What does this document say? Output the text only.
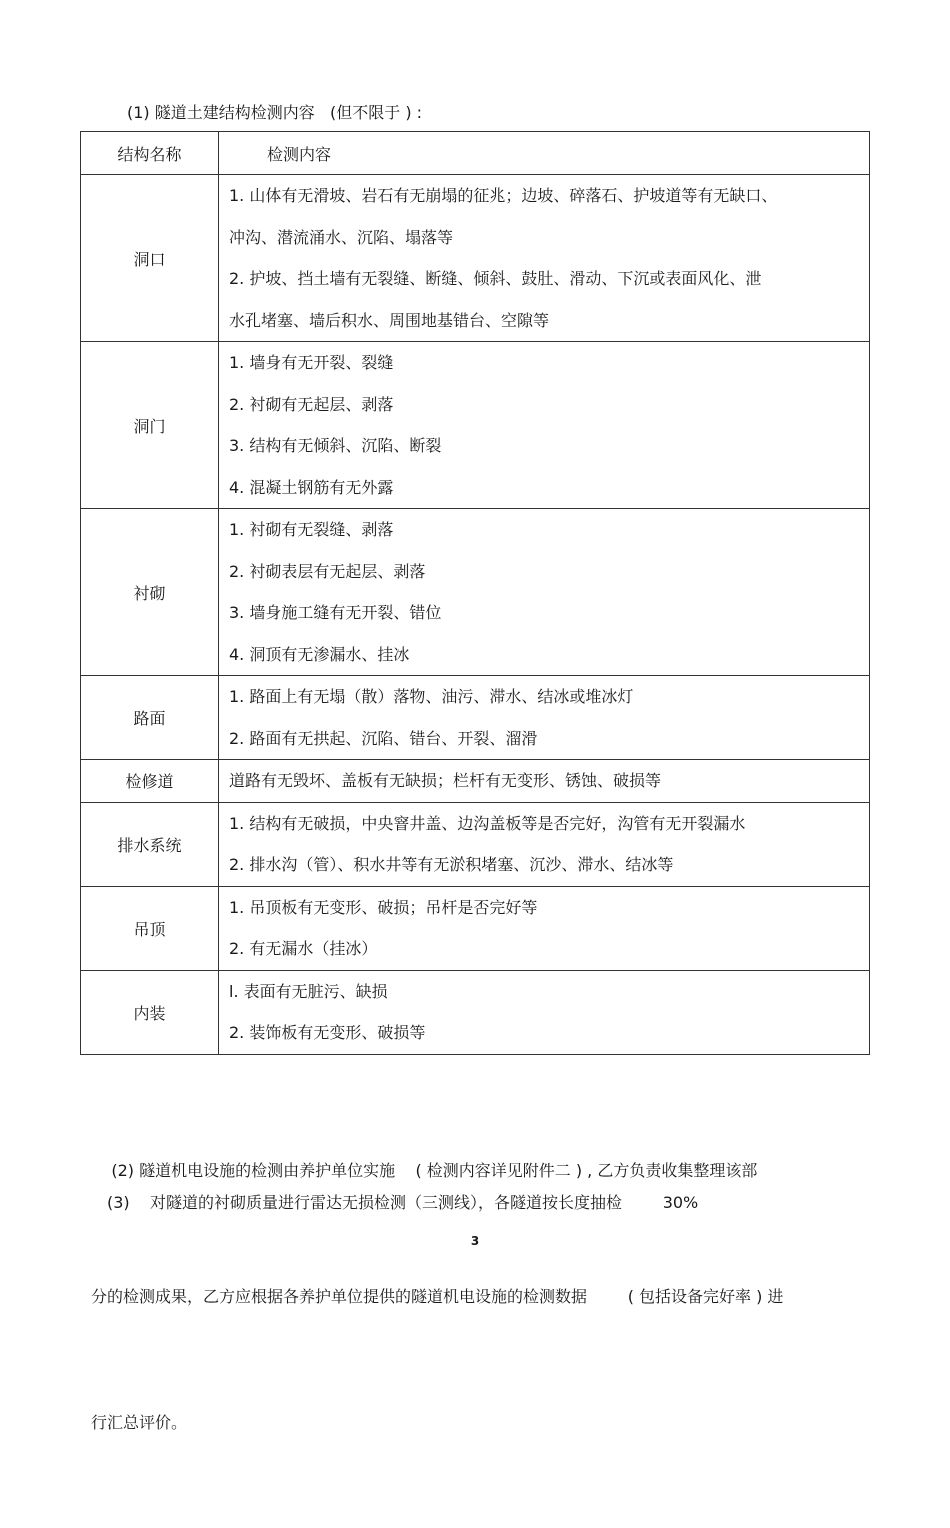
(1) 隧道土建结构检测内容   (但不限于 ) :
结构名称	检测内容
洞口	1. 山体有无滑坡、岩石有无崩塌的征兆；边坡、碎落石、护坡道等有无缺口、
冲沟、潜流涌水、沉陷、塌落等
2. 护坡、挡土墙有无裂缝、断缝、倾斜、鼓肚、滑动、下沉或表面风化、泄
水孔堵塞、墙后积水、周围地基错台、空隙等

洞门	1. 墙身有无开裂、裂缝
2. 衬砌有无起层、剥落
3. 结构有无倾斜、沉陷、断裂
4. 混凝土钢筋有无外露

衬砌	1. 衬砌有无裂缝、剥落
2. 衬砌表层有无起层、剥落
3. 墙身施工缝有无开裂、错位
4. 洞顶有无渗漏水、挂冰

路面	1. 路面上有无塌（散）落物、油污、滞水、结冰或堆冰灯
2. 路面有无拱起、沉陷、错台、开裂、溜滑

检修道	道路有无毁坏、盖板有无缺损；栏杆有无变形、锈蚀、破损等

排水系统	1. 结构有无破损，中央窨井盖、边沟盖板等是否完好，沟管有无开裂漏水
2. 排水沟（管）、积水井等有无淤积堵塞、沉沙、滞水、结冰等

吊顶	1. 吊顶板有无变形、破损；吊杆是否完好等
2. 有无漏水（挂冰）

内装	l. 表面有无脏污、缺损
2. 装饰板有无变形、破损等

(2) 隧道机电设施的检测由养护单位实施    ( 检测内容详见附件二 ) , 乙方负责收集整理该部

分的检测成果，乙方应根据各养护单位提供的隧道机电设施的检测数据        ( 包括设备完好率 ) 进

行汇总评价。

(3)    对隧道的衬砌质量进行雷达无损检测（三测线），各隧道按长度抽检        30%
3
